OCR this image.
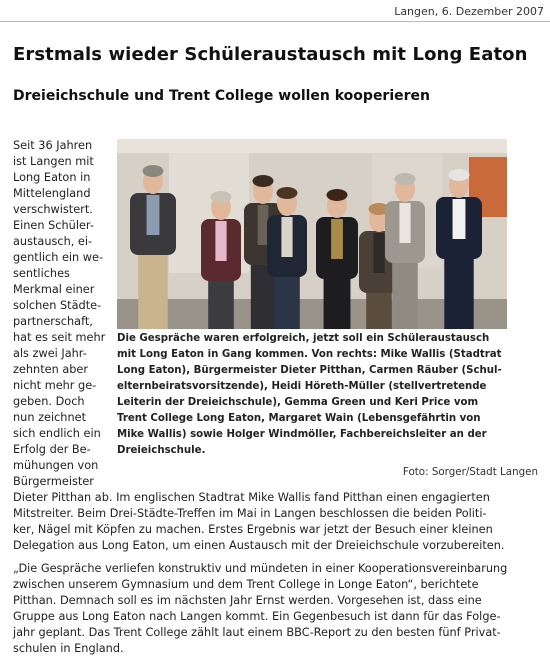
Langen, 6. Dezember 2007
Erstmals wieder Schüleraustausch mit Long Eaton
Dreieichschule und Trent College wollen kooperieren
Seit 36 Jahren
ist Langen mit
Long Eaton in
Mittelengland
verschwistert.
Einen Schüler-
austausch, ei-
gentlich ein we-
sentliches
Merkmal einer
solchen Städte-
partnerschaft,
hat es seit mehr
als zwei Jahr-
zehnten aber
nicht mehr ge-
geben. Doch
nun zeichnet
sich endlich ein
Erfolg der Be-
mühungen von
Bürgermeister
Die Gespräche waren erfolgreich, jetzt soll ein Schüleraustausch
mit Long Eaton in Gang kommen. Von rechts: Mike Wallis (Stadtrat
Long Eaton), Bürgermeister Dieter Pitthan, Carmen Räuber (Schul-
elternbeiratsvorsitzende), Heidi Höreth-Müller (stellvertretende
Leiterin der Dreieichschule), Gemma Green und Keri Price vom
Trent College Long Eaton, Margaret Wain (Lebensgefährtin von
Mike Wallis) sowie Holger Windmöller, Fachbereichsleiter an der
Dreieichschule.
Foto: Sorger/Stadt Langen
Dieter Pitthan ab. Im englischen Stadtrat Mike Wallis fand Pitthan einen engagierten
Mitstreiter. Beim Drei-Städte-Treffen im Mai in Langen beschlossen die beiden Politi-
ker, Nägel mit Köpfen zu machen. Erstes Ergebnis war jetzt der Besuch einer kleinen
Delegation aus Long Eaton, um einen Austausch mit der Dreieichschule vorzubereiten.
„Die Gespräche verliefen konstruktiv und mündeten in einer Kooperationsvereinbarung
zwischen unserem Gymnasium und dem Trent College in Longe Eaton“, berichtete
Pitthan. Demnach soll es im nächsten Jahr Ernst werden. Vorgesehen ist, dass eine
Gruppe aus Long Eaton nach Langen kommt. Ein Gegenbesuch ist dann für das Folge-
jahr geplant. Das Trent College zählt laut einem BBC-Report zu den besten fünf Privat-
schulen in England.
